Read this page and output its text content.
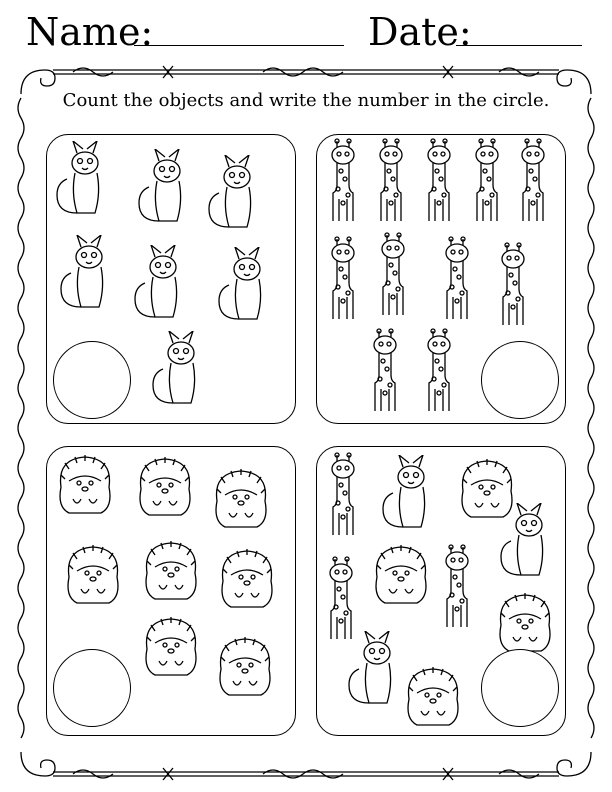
Name:	Date:
Count the objects and write the number in the circle.
